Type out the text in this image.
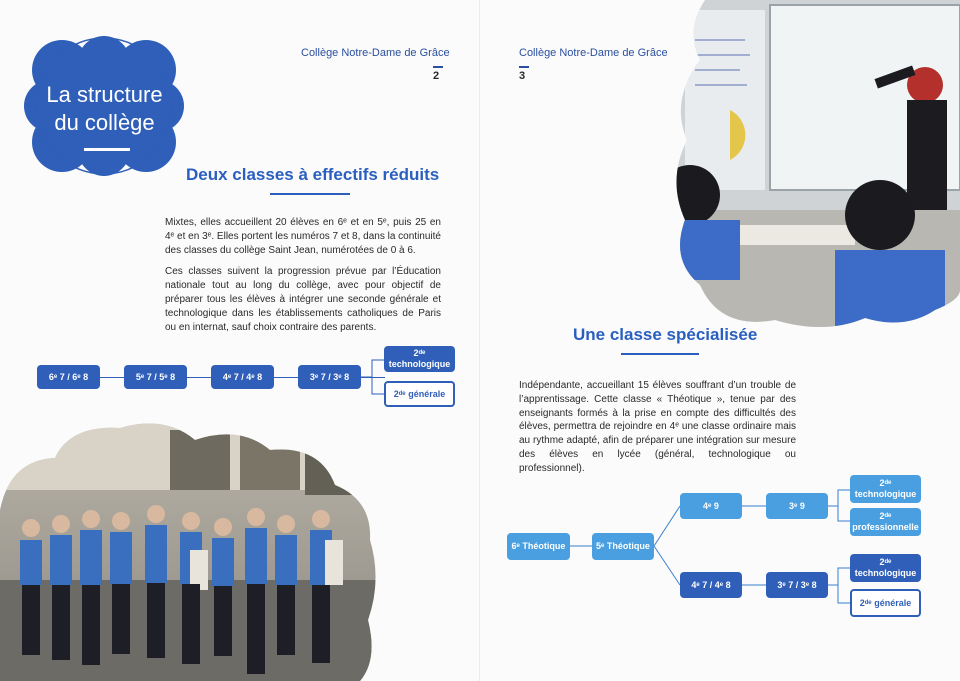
Collège Notre-Dame de Grâce
2
La structure
du collège
Deux classes à effectifs réduits

Mixtes, elles accueillent 20 élèves en 6ᵉ et en 5ᵉ, puis 25 en 4ᵉ et en 3ᵉ. Elles portent les numéros 7 et 8, dans la continuité des classes du collège Saint Jean, numérotées de 0 à 6.

Ces classes suivent la progression prévue par l’Éducation nationale tout au long du collège, avec pour objectif de préparer tous les élèves à intégrer une seconde générale et technologique dans les établissements catholiques de Paris ou en internat, sauf choix contraire des parents.

6ᵉ 7 / 6ᵉ 8	5ᵉ 7 / 5ᵉ 8	4ᵉ 7 / 4ᵉ 8	3ᵉ 7 / 3ᵉ 8
2ᵈᵉ technologique
2ᵈᵉ générale
Collège Notre-Dame de Grâce
3
Une classe spécialisée

Indépendante, accueillant 15 élèves souffrant d’un trouble de l’apprentissage. Cette classe « Théotique », tenue par des enseignants formés à la prise en compte des difficultés des élèves, permettra de rejoindre en 4ᵉ une classe ordinaire mais au rythme adapté, afin de préparer une intégration sur mesure des élèves en lycée (général, technologique ou professionnel).

6ᵉ Théotique	5ᵉ Théotique
4ᵉ 9	3ᵉ 9
4ᵉ 7 / 4ᵉ 8	3ᵉ 7 / 3ᵉ 8
2ᵈᵉ technologique
2ᵈᵉ professionnelle
2ᵈᵉ technologique
2ᵈᵉ générale
